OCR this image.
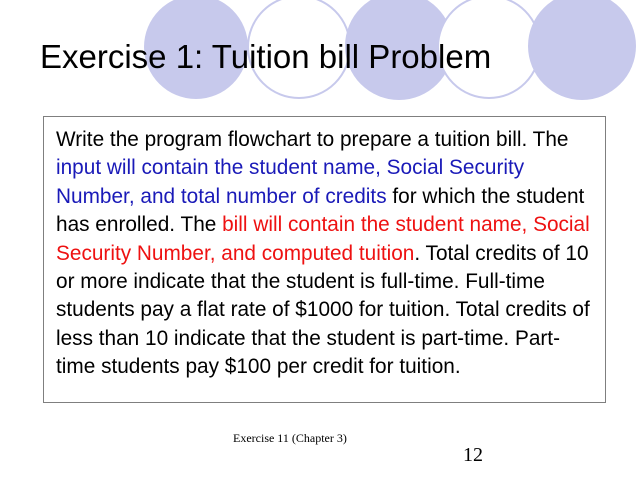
Exercise 1: Tuition bill Problem
Write the program flowchart to prepare a tuition bill. The input will contain the student name, Social Security Number, and total number of credits for which the student has enrolled. The bill will contain the student name, Social Security Number, and computed tuition. Total credits of 10 or more indicate that the student is full-time. Full-time students pay a flat rate of $1000 for tuition. Total credits of less than 10 indicate that the student is part-time. Part-time students pay $100 per credit for tuition.
Exercise 11 (Chapter 3)
12
